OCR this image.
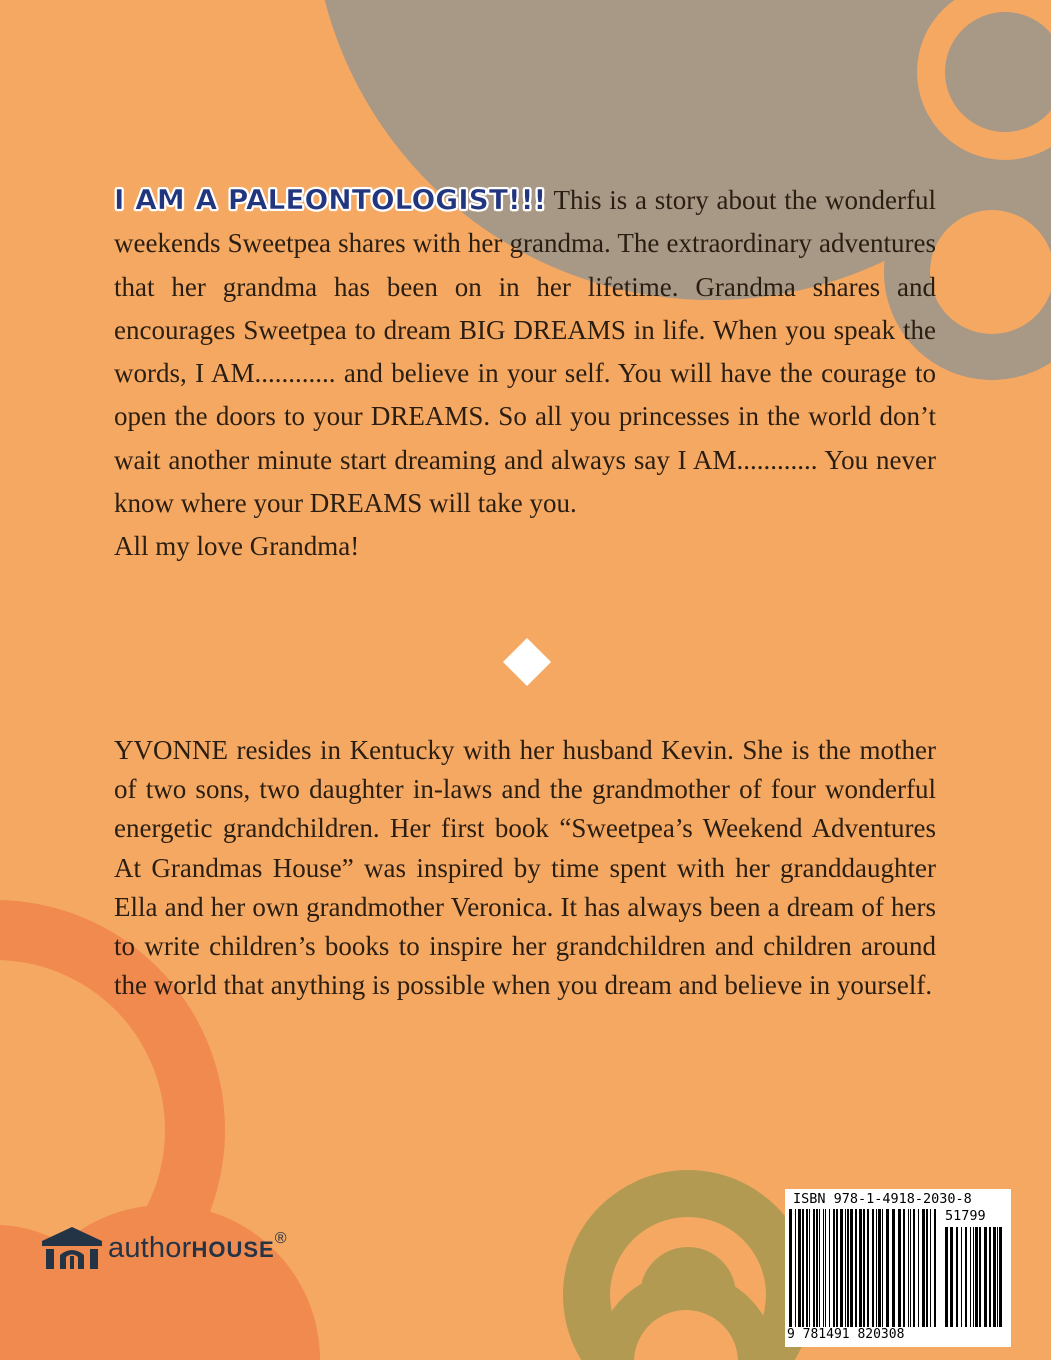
I AM A PALEONTOLOGIST!!! This is a story about the wonderful weekends Sweetpea shares with her grandma. The extraordinary adventures that her grandma has been on in her lifetime. Grandma shares and encourages Sweetpea to dream BIG DREAMS in life. When you speak the words, I AM............ and believe in your self. You will have the courage to open the doors to your DREAMS. So all you princesses in the world don’t wait another minute start dreaming and always say I AM............ You never know where your DREAMS will take you.
All my love Grandma!

YVONNE resides in Kentucky with her husband Kevin. She is the mother of two sons, two daughter in-laws and the grandmother of four wonderful energetic grandchildren. Her first book “Sweetpea’s Weekend Adventures At Grandmas House” was inspired by time spent with her granddaughter Ella and her own grandmother Veronica. It has always been a dream of hers to write children’s books to inspire her grandchildren and children around the world that anything is possible when you dream and believe in yourself.

authorHOUSE®
ISBN 978-1-4918-2030-8
51799
9 781491 820308
